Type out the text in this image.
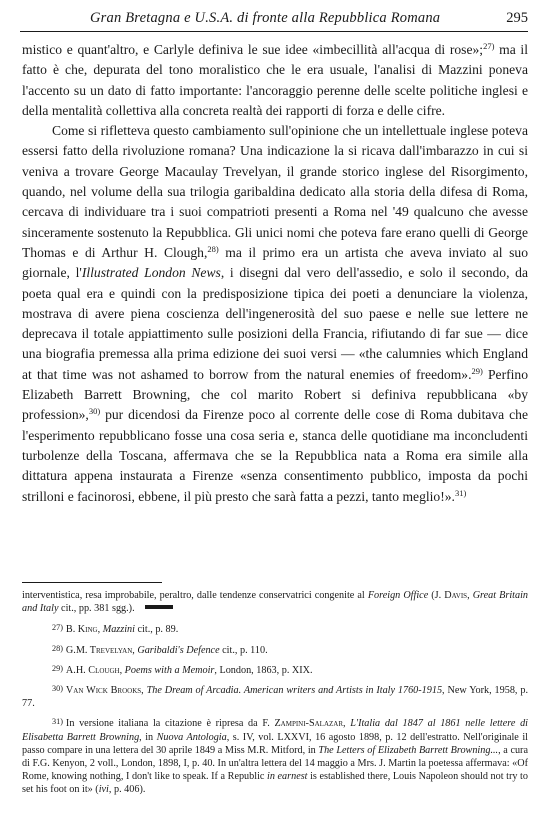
Gran Bretagna e U.S.A. di fronte alla Repubblica Romana	295

mistico e quant'altro, e Carlyle definiva le sue idee «imbecillità all'acqua di rose»;$^{27)}$ ma il fatto è che, depurata del tono moralistico che le era usuale, l'analisi di Mazzini poneva l'accento su un dato di fatto importante: l'ancoraggio perenne delle scelte politiche inglesi e della mentalità collettiva alla concreta realtà dei rapporti di forza e delle cifre.

Come si rifletteva questo cambiamento sull'opinione che un intellettuale inglese poteva essersi fatto della rivoluzione romana? Una indicazione la si ricava dall'imbarazzo in cui si veniva a trovare George Macaulay Trevelyan, il grande storico inglese del Risorgimento, quando, nel volume della sua trilogia garibaldina dedicato alla storia della difesa di Roma, cercava di individuare tra i suoi compatrioti presenti a Roma nel '49 qualcuno che avesse sinceramente sostenuto la Repubblica. Gli unici nomi che poteva fare erano quelli di George Thomas e di Arthur H. Clough,$^{28)}$ ma il primo era un artista che aveva inviato al suo giornale, l'Illustrated London News, i disegni dal vero dell'assedio, e solo il secondo, da poeta qual era e quindi con la predisposizione tipica dei poeti a denunciare la violenza, mostrava di avere piena coscienza dell'ingenerosità del suo paese e nelle sue lettere ne deprecava il totale appiattimento sulle posizioni della Francia, rifiutando di far sue — dice una biografia premessa alla prima edizione dei suoi versi — «the calumnies which England at that time was not ashamed to borrow from the natural enemies of freedom».$^{29)}$ Perfino Elizabeth Barrett Browning, che col marito Robert si definiva repubblicana «by profession»,$^{30)}$ pur dicendosi da Firenze poco al corrente delle cose di Roma dubitava che l'esperimento repubblicano fosse una cosa seria e, stanca delle quotidiane ma inconcludenti turbolenze della Toscana, affermava che se la Repubblica nata a Roma era simile alla dittatura appena instaurata a Firenze «senza consentimento pubblico, imposta da pochi strilloni e facinorosi, ebbene, il più presto che sarà fatta a pezzi, tanto meglio!».$^{31)}$

interventistica, resa improbabile, peraltro, dalle tendenze conservatrici congenite al Foreign Office (J. Davis, Great Britain and Italy cit., pp. 381 sgg.).

27) B. King, Mazzini cit., p. 89.

28) G.M. Trevelyan, Garibaldi's Defence cit., p. 110.

29) A.H. Clough, Poems with a Memoir, London, 1863, p. XIX.

30) Van Wick Brooks, The Dream of Arcadia. American writers and Artists in Italy 1760-1915, New York, 1958, p. 77.

31) In versione italiana la citazione è ripresa da F. Zampini-Salazar, L'Italia dal 1847 al 1861 nelle lettere di Elisabetta Barrett Browning, in Nuova Antologia, s. IV, vol. LXXVI, 16 agosto 1898, p. 12 dell'estratto. Nell'originale il passo compare in una lettera del 30 aprile 1849 a Miss M.R. Mitford, in The Letters of Elizabeth Barrett Browning..., a cura di F.G. Kenyon, 2 voll., London, 1898, I, p. 40. In un'altra lettera del 14 maggio a Mrs. J. Martin la poetessa affermava: «Of Rome, knowing nothing, I don't like to speak. If a Republic in earnest is established there, Louis Napoleon should not try to set his foot on it» (ivi, p. 406).
